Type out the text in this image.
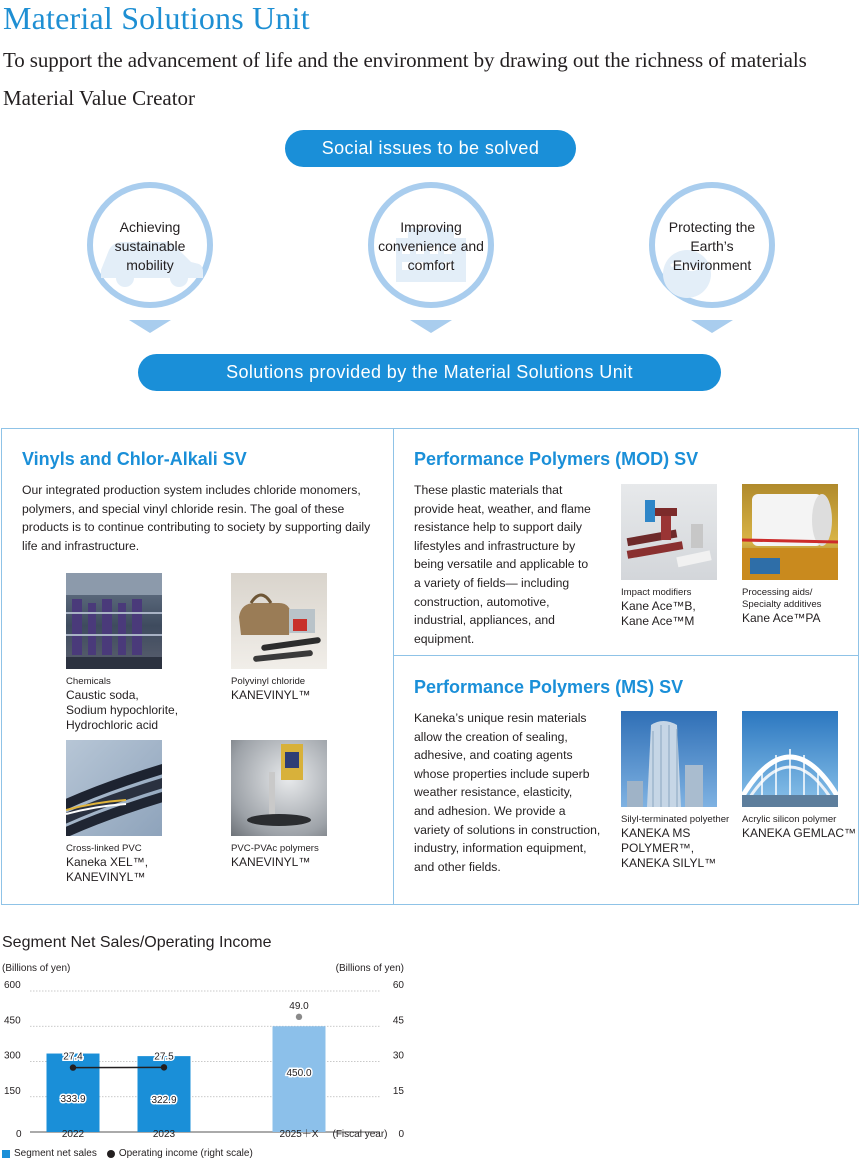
Material Solutions Unit
To support the advancement of life and the environment by drawing out the richness of materials
Material Value Creator
Social issues to be solved
Achieving
sustainable
mobility
Improving
convenience and
comfort
Protecting the
Earth’s
Environment
Solutions provided by the Material Solutions Unit
Vinyls and Chlor-Alkali SV
Our integrated production system includes chloride monomers,
polymers, and special vinyl chloride resin. The goal of these
products is to continue contributing to society by supporting daily
life and infrastructure.
Chemicals
Caustic soda,
Sodium hypochlorite,
Hydrochloric acid
Polyvinyl chloride
KANEVINYL™
Cross-linked PVC
Kaneka XEL™,
KANEVINYL™
PVC-PVAc polymers
KANEVINYL™
Performance Polymers (MOD) SV
These plastic materials that
provide heat, weather, and flame
resistance help to support daily
lifestyles and infrastructure by
being versatile and applicable to
a variety of fields— including
construction, automotive,
industrial, appliances, and
equipment.
Impact modifiers
Kane Ace™B,
Kane Ace™M
Processing aids/
Specialty additives
Kane Ace™PA
Performance Polymers (MS) SV
Kaneka’s unique resin materials
allow the creation of sealing,
adhesive, and coating agents
whose properties include superb
weather resistance, elasticity,
and adhesion. We provide a
variety of solutions in construction,
industry, information equipment,
and other fields.
Silyl-terminated polyether
KANEKA MS
POLYMER™,
KANEKA SILYL™
Acrylic silicon polymer
KANEKA GEMLAC™
Segment Net Sales/Operating Income
(Billions of yen)	(Billions of yen)
0
150
300
450
600
0
15
30
45
60
333.9	322.9
450.0
27.4	27.5
49.0
2022	2023	2025＋X (Fiscal year)
Segment net sales Operating income (right scale)
